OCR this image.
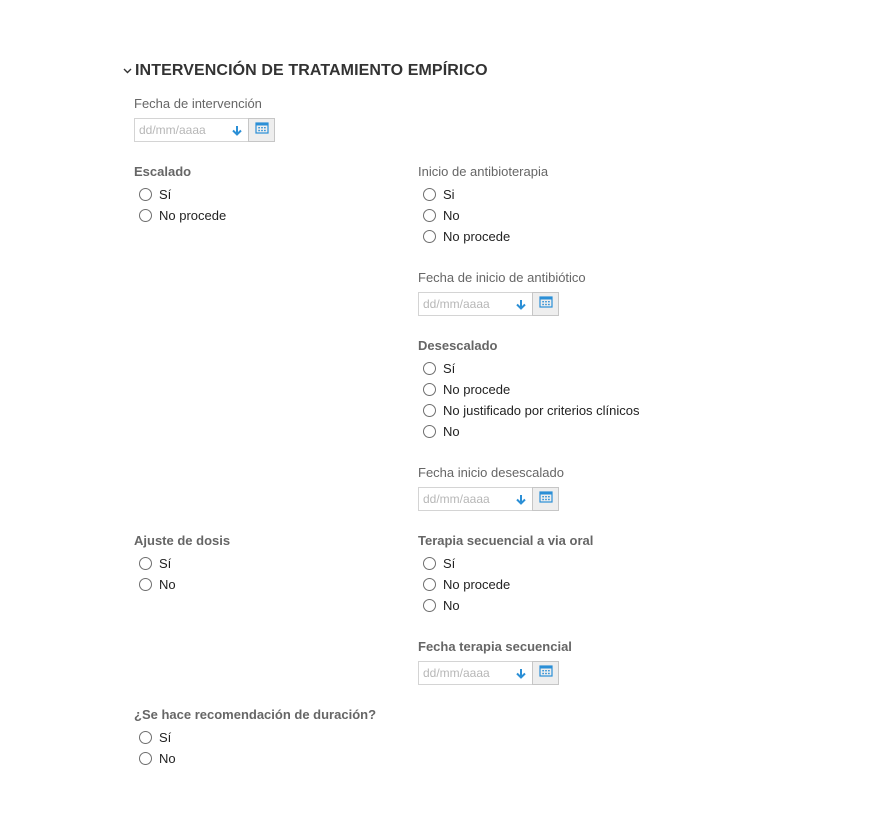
INTERVENCIÓN DE TRATAMIENTO EMPÍRICO
Fecha de intervención
dd/mm/aaaa
Escalado
Sí
No procede
Inicio de antibioterapia
Si
No
No procede
Fecha de inicio de antibiótico
dd/mm/aaaa
Desescalado
Sí
No procede
No justificado por criterios clínicos
No
Fecha inicio desescalado
dd/mm/aaaa
Ajuste de dosis
Sí
No
Terapia secuencial a via oral
Sí
No procede
No
Fecha terapia secuencial
dd/mm/aaaa
¿Se hace recomendación de duración?
Sí
No
